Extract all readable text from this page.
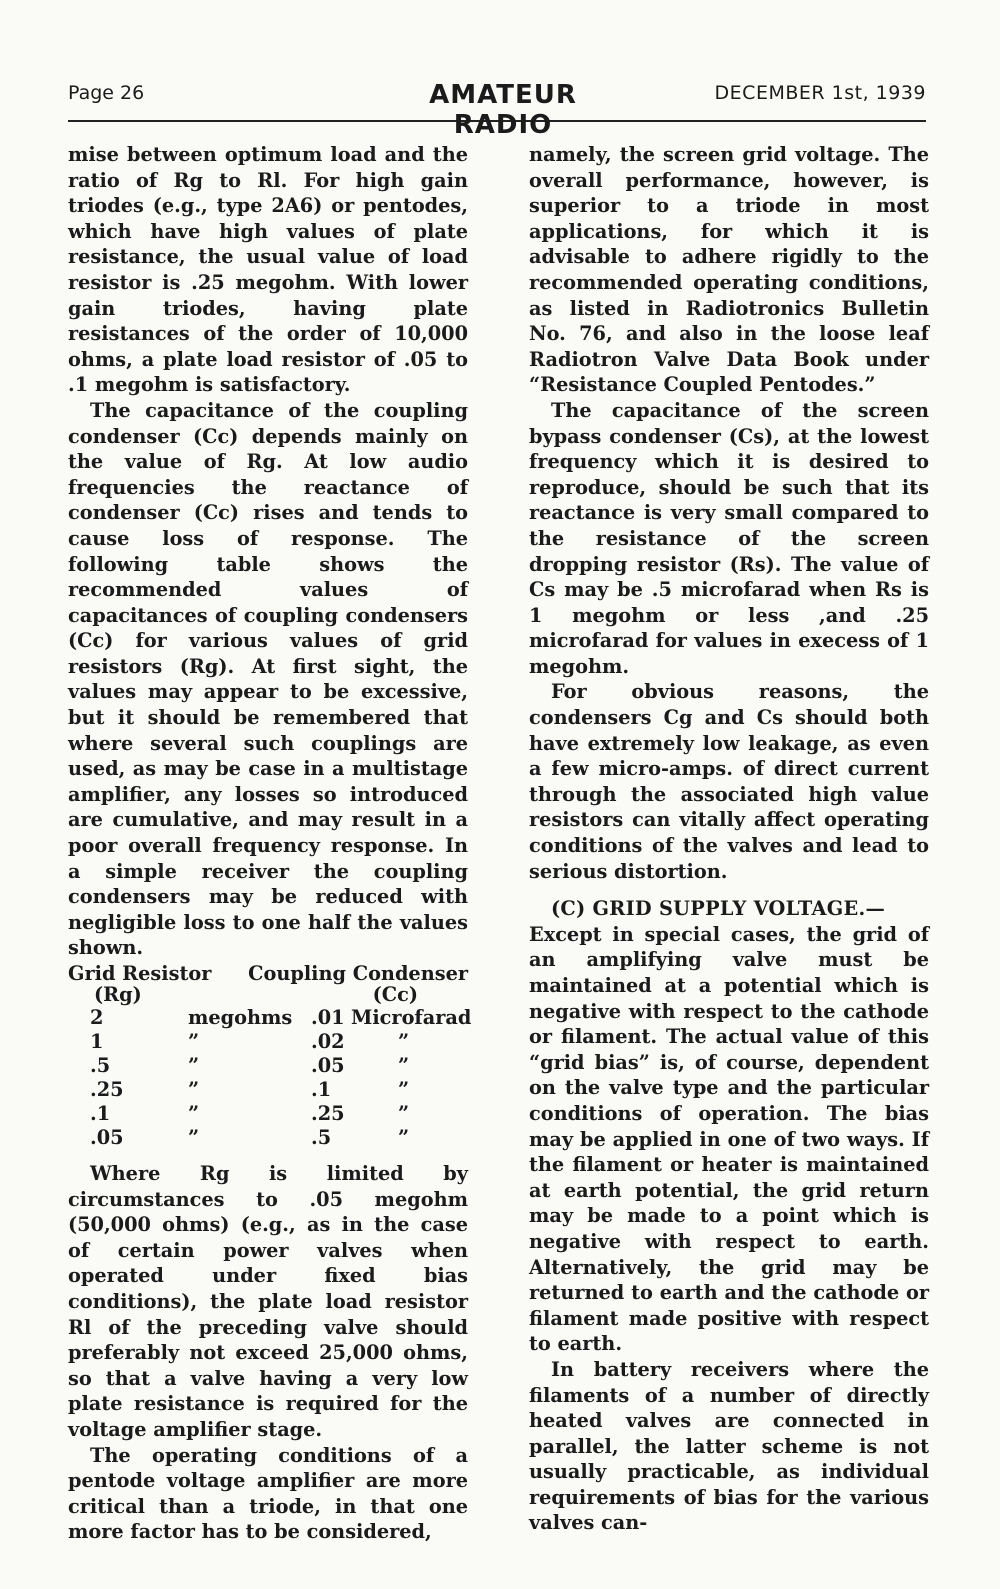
Page 26	AMATEUR RADIO
DECEMBER 1st, 1939

mise between optimum load and the ratio of Rg to Rl. For high gain triodes (e.g., type 2A6) or pentodes, which have high values of plate resistance, the usual value of load resistor is .25 megohm. With lower gain triodes, having plate resistances of the order of 10,000 ohms, a plate load resistor of .05 to .1 megohm is satisfactory.

The capacitance of the coupling condenser (Cc) depends mainly on the value of Rg. At low audio frequencies the reactance of condenser (Cc) rises and tends to cause loss of response. The following table shows the recommended values of capacitances of coupling condensers (Cc) for various values of grid resistors (Rg). At first sight, the values may appear to be excessive, but it should be remembered that where several such couplings are used, as may be case in a multistage amplifier, any losses so introduced are cumulative, and may result in a poor overall frequency response. In a simple receiver the coupling condensers may be reduced with negligible loss to one half the values shown.

Grid Resistor Coupling Condenser
(Rg)	(Cc)
2	megohms .01 Microfarad
1	”	.02	”
.5	”	.05	”
.25	”	.1	”
.1	”	.25	”
.05	”	.5	”

Where Rg is limited by circumstances to .05 megohm (50,000 ohms) (e.g., as in the case of certain power valves when operated under fixed bias conditions), the plate load resistor Rl of the preceding valve should preferably not exceed 25,000 ohms, so that a valve having a very low plate resistance is required for the voltage amplifier stage.

The operating conditions of a pentode voltage amplifier are more critical than a triode, in that one more factor has to be considered,

namely, the screen grid voltage. The overall performance, however, is superior to a triode in most applications, for which it is advisable to adhere rigidly to the recommended operating conditions, as listed in Radiotronics Bulletin No. 76, and also in the loose leaf Radiotron Valve Data Book under “Resistance Coupled Pentodes.”

The capacitance of the screen bypass condenser (Cs), at the lowest frequency which it is desired to reproduce, should be such that its reactance is very small compared to the resistance of the screen dropping resistor (Rs). The value of Cs may be .5 microfarad when Rs is 1 megohm or less ,and .25 microfarad for values in execess of 1 megohm.

For obvious reasons, the condensers Cg and Cs should both have extremely low leakage, as even a few micro-amps. of direct current through the associated high value resistors can vitally affect operating conditions of the valves and lead to serious distortion.

(C) GRID SUPPLY VOLTAGE.—

Except in special cases, the grid of an amplifying valve must be maintained at a potential which is negative with respect to the cathode or filament. The actual value of this “grid bias” is, of course, dependent on the valve type and the particular conditions of operation. The bias may be applied in one of two ways. If the filament or heater is maintained at earth potential, the grid return may be made to a point which is negative with respect to earth. Alternatively, the grid may be returned to earth and the cathode or filament made positive with respect to earth.

In battery receivers where the filaments of a number of directly heated valves are connected in parallel, the latter scheme is not usually practicable, as individual requirements of bias for the various valves can-
